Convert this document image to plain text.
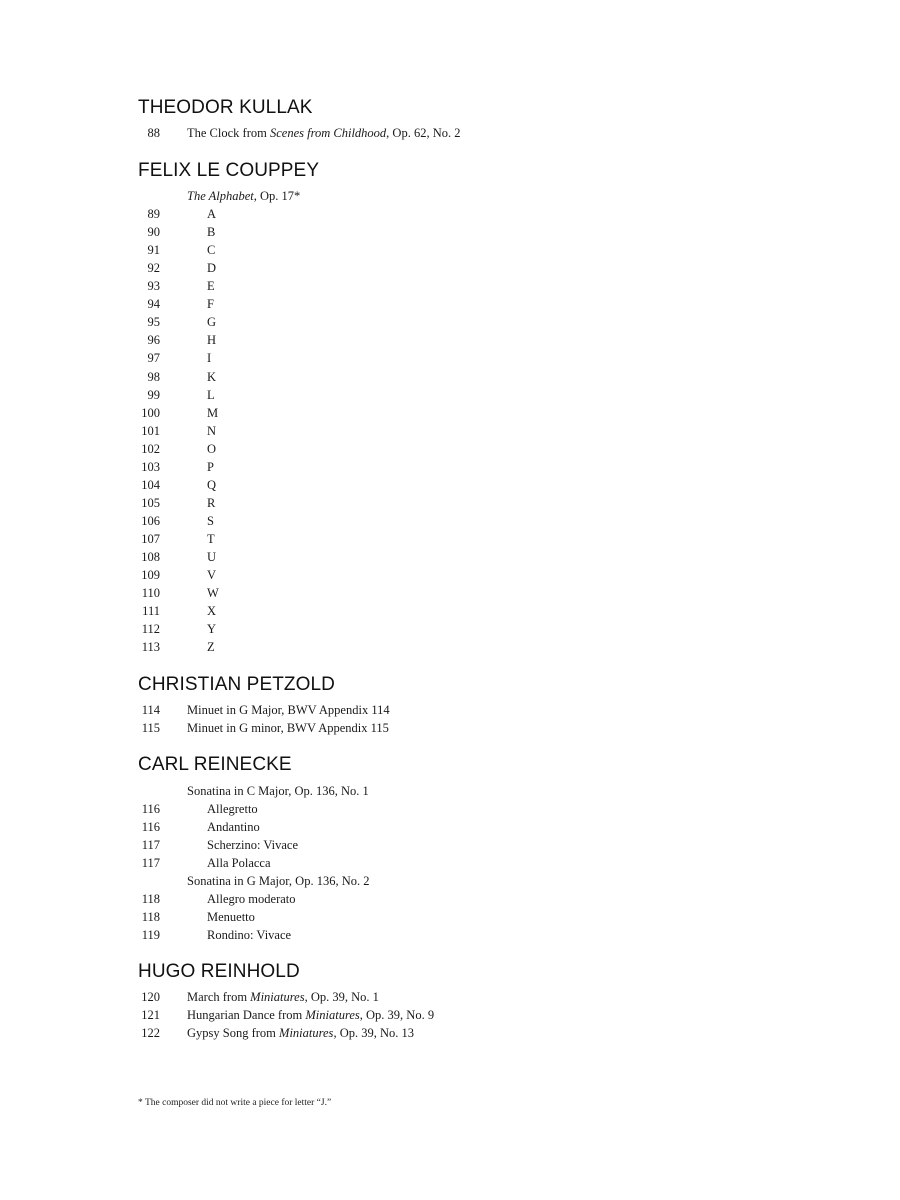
THEODOR KULLAK
88 The Clock from Scenes from Childhood, Op. 62, No. 2
FELIX LE COUPPEY
The Alphabet, Op. 17*
89	A
90	B
91	C
92	D
93	E
94	F
95	G
96	H
97	I
98	K
99	L
100	M
101	N
102	O
103	P
104	Q
105	R
106	S
107	T
108	U
109	V
110	W
111	X
112	Y
113	Z
CHRISTIAN PETZOLD
114 Minuet in G Major, BWV Appendix 114
115 Minuet in G minor, BWV Appendix 115
CARL REINECKE
Sonatina in C Major, Op. 136, No. 1
116	Allegretto
116	Andantino
117	Scherzino: Vivace
117	Alla Polacca
Sonatina in G Major, Op. 136, No. 2
118	Allegro moderato
118	Menuetto
119	Rondino: Vivace
HUGO REINHOLD
120 March from Miniatures, Op. 39, No. 1
121 Hungarian Dance from Miniatures, Op. 39, No. 9
122 Gypsy Song from Miniatures, Op. 39, No. 13
* The composer did not write a piece for letter “J.”
